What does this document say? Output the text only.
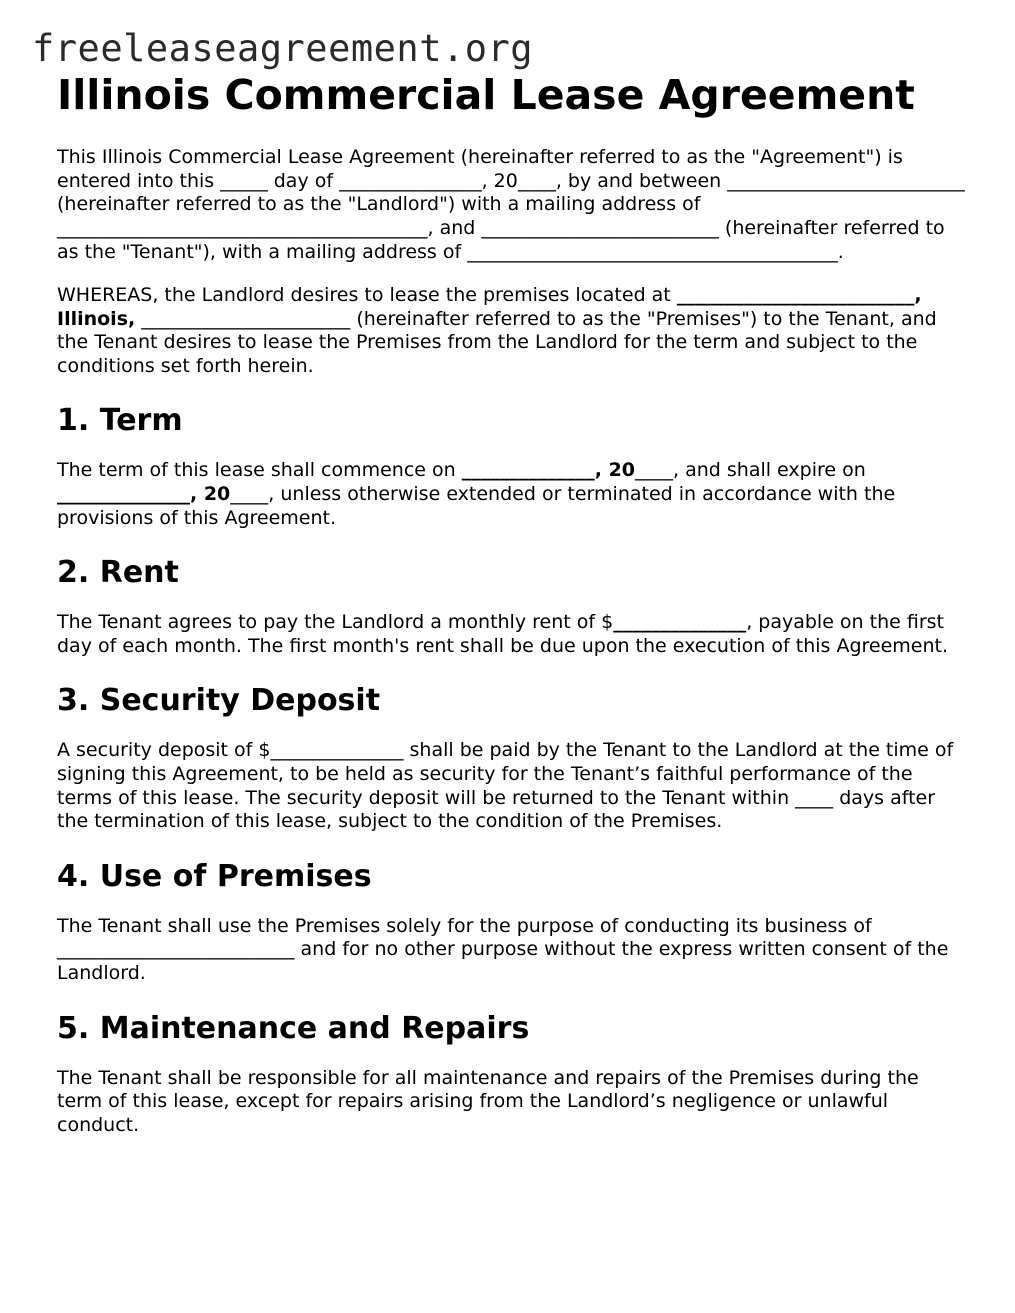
freeleaseagreement.org
Illinois Commercial Lease Agreement

This Illinois Commercial Lease Agreement (hereinafter referred to as the "Agreement") is entered into this _____ day of _______________, 20____, by and between _________________________ (hereinafter referred to as the "Landlord") with a mailing address of _______________________________________, and _________________________ (hereinafter referred to as the "Tenant"), with a mailing address of _______________________________________.

WHEREAS, the Landlord desires to lease the premises located at _________________________, Illinois, ______________________ (hereinafter referred to as the "Premises") to the Tenant, and the Tenant desires to lease the Premises from the Landlord for the term and subject to the conditions set forth herein.

1. Term

The term of this lease shall commence on ______________, 20____, and shall expire on ______________, 20____, unless otherwise extended or terminated in accordance with the provisions of this Agreement.

2. Rent

The Tenant agrees to pay the Landlord a monthly rent of $______________, payable on the first day of each month. The first month's rent shall be due upon the execution of this Agreement.

3. Security Deposit

A security deposit of $______________ shall be paid by the Tenant to the Landlord at the time of signing this Agreement, to be held as security for the Tenant’s faithful performance of the terms of this lease. The security deposit will be returned to the Tenant within ____ days after the termination of this lease, subject to the condition of the Premises.

4. Use of Premises

The Tenant shall use the Premises solely for the purpose of conducting its business of _________________________ and for no other purpose without the express written consent of the Landlord.

5. Maintenance and Repairs

The Tenant shall be responsible for all maintenance and repairs of the Premises during the term of this lease, except for repairs arising from the Landlord’s negligence or unlawful conduct.
